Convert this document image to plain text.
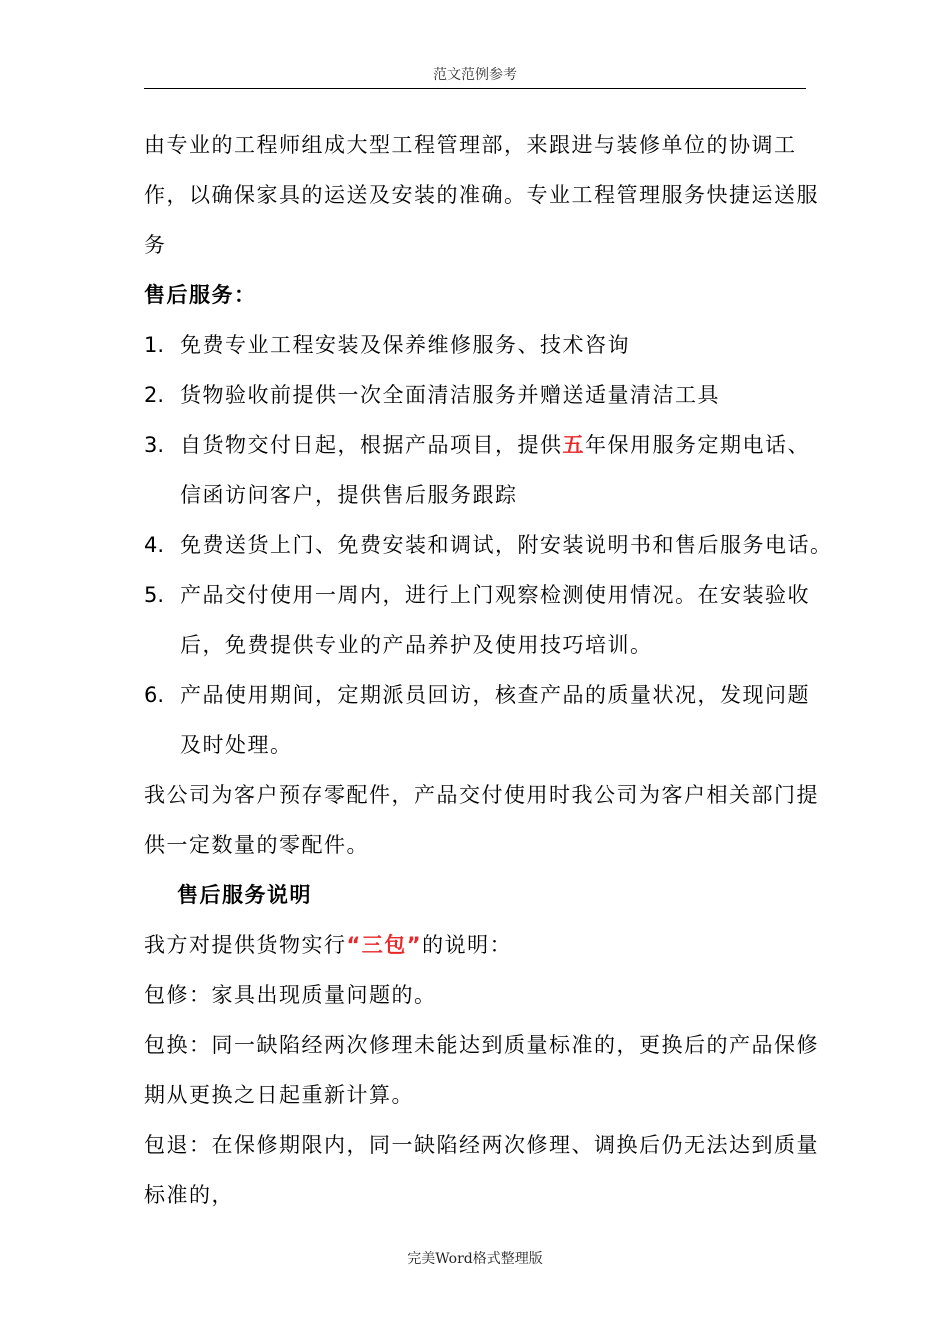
范文范例参考
由专业的工程师组成大型工程管理部，来跟进与装修单位的协调工
作，以确保家具的运送及安装的准确。专业工程管理服务快捷运送服
务
售后服务：
1. 免费专业工程安装及保养维修服务、技术咨询
2. 货物验收前提供一次全面清洁服务并赠送适量清洁工具
3. 自货物交付日起，根据产品项目，提供五年保用服务定期电话、
信函访问客户，提供售后服务跟踪
4. 免费送货上门、免费安装和调试，附安装说明书和售后服务电话。
5. 产品交付使用一周内，进行上门观察检测使用情况。在安装验收
后，免费提供专业的产品养护及使用技巧培训。
6. 产品使用期间，定期派员回访，核查产品的质量状况，发现问题
及时处理。
我公司为客户预存零配件，产品交付使用时我公司为客户相关部门提
供一定数量的零配件。
售后服务说明
我方对提供货物实行“三包”的说明：
包修：家具出现质量问题的。
包换：同一缺陷经两次修理未能达到质量标准的，更换后的产品保修
期从更换之日起重新计算。
包退：在保修期限内，同一缺陷经两次修理、调换后仍无法达到质量
标准的，
完美Word格式整理版
